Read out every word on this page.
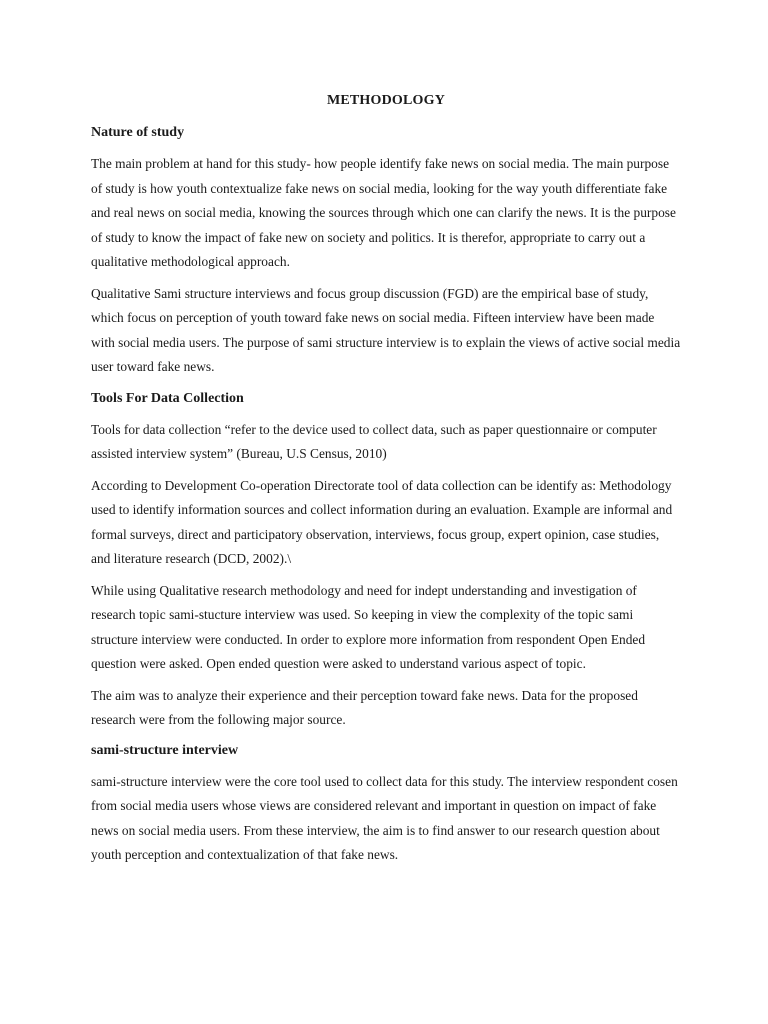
METHODOLOGY
Nature of study

The main problem at hand for this study- how people identify fake news on social media. The main purpose of study is how youth contextualize fake news on social media, looking for the way youth differentiate fake and real news on social media, knowing the sources through which one can clarify the news. It is the purpose of study to know the impact of fake new on society and politics. It is therefor, appropriate to carry out a qualitative methodological approach.

Qualitative Sami structure interviews and focus group discussion (FGD) are the empirical base of study, which focus on perception of youth toward fake news on social media. Fifteen interview have been made with social media users. The purpose of sami structure interview is to explain the views of active social media user toward fake news.

Tools For Data Collection

Tools for data collection “refer to the device used to collect data, such as paper questionnaire or computer assisted interview system” (Bureau, U.S Census, 2010)

According to Development Co-operation Directorate tool of data collection can be identify as: Methodology used to identify information sources and collect information during an evaluation. Example are informal and formal surveys, direct and participatory observation, interviews, focus group, expert opinion, case studies, and literature research (DCD, 2002).\

While using Qualitative research methodology and need for indept understanding and investigation of research topic sami-stucture interview was used. So keeping in view the complexity of the topic sami structure interview were conducted. In order to explore more information from respondent Open Ended question were asked. Open ended question were asked to understand various aspect of topic.

The aim was to analyze their experience and their perception toward fake news. Data for the proposed research were from the following major source.

sami-structure interview

sami-structure interview were the core tool used to collect data for this study. The interview respondent cosen from social media users whose views are considered relevant and important in question on impact of fake news on social media users. From these interview, the aim is to find answer to our research question about youth perception and contextualization of that fake news.
